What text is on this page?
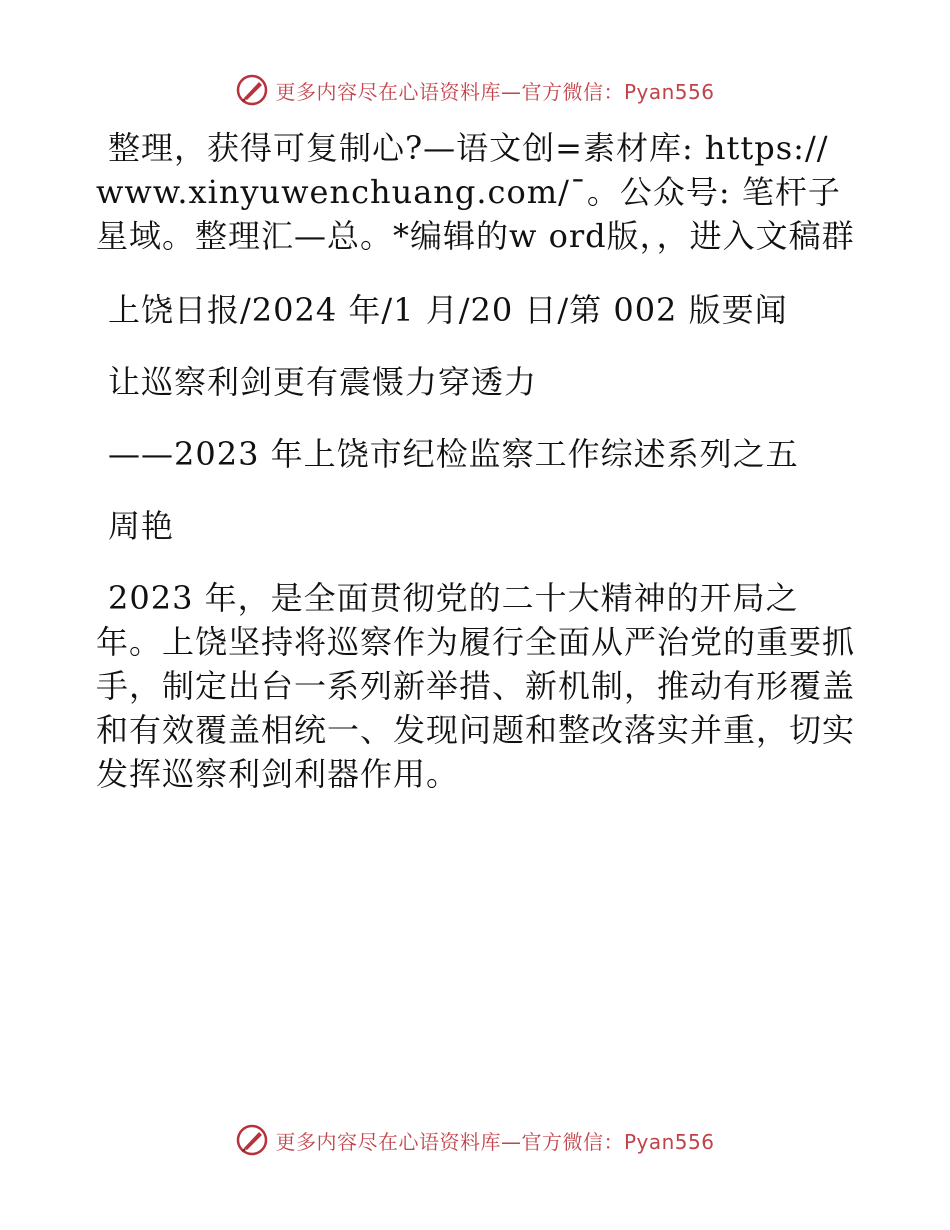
更多内容尽在心语资料库—官方微信：Pyan556

整理，获得可复制心?—语文创=素材库: https://www.xinyuwenchuang.com/¯。公众号: 笔杆子星域。整理汇—总。*编辑的w ord版，，进入文稿群

上饶日报/2024 年/1 月/20 日/第 002 版要闻

让巡察利剑更有震慑力穿透力

——2023 年上饶市纪检监察工作综述系列之五

周艳

2023 年，是全面贯彻党的二十大精神的开局之年。上饶坚持将巡察作为履行全面从严治党的重要抓手，制定出台一系列新举措、新机制，推动有形覆盖和有效覆盖相统一、发现问题和整改落实并重，切实发挥巡察利剑利器作用。

更多内容尽在心语资料库—官方微信：Pyan556
